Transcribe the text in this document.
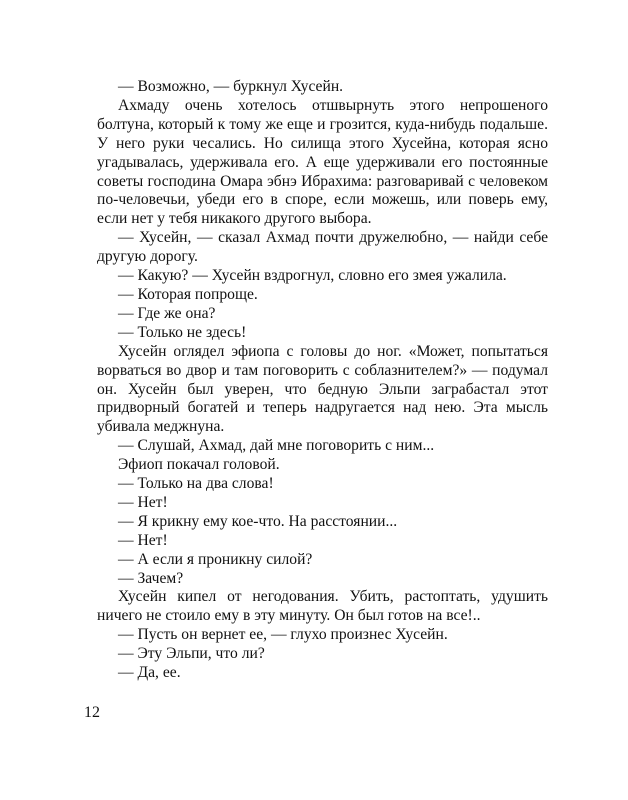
— Возможно, — буркнул Хусейн.

Ахмаду очень хотелось отшвырнуть этого непрошеного болтуна, который к тому же еще и грозится, куда-нибудь подальше. У него руки чесались. Но силища этого Хусейна, которая ясно угадывалась, удерживала его. А еще удерживали его постоянные советы господина Омара эбнэ Ибрахима: разговаривай с человеком по-человечьи, убеди его в споре, если можешь, или поверь ему, если нет у тебя никакого другого выбора.

— Хусейн, — сказал Ахмад почти дружелюбно, — найди себе другую дорогу.

— Какую? — Хусейн вздрогнул, словно его змея ужалила.

— Которая попроще.

— Где же она?

— Только не здесь!

Хусейн оглядел эфиопа с головы до ног. «Может, попытаться ворваться во двор и там поговорить с соблазнителем?» — подумал он. Хусейн был уверен, что бедную Эльпи заграбастал этот придворный богатей и теперь надругается над нею. Эта мысль убивала меджнуна.

— Слушай, Ахмад, дай мне поговорить с ним...

Эфиоп покачал головой.

— Только на два слова!

— Нет!

— Я крикну ему кое-что. На расстоянии...

— Нет!

— А если я проникну силой?

— Зачем?

Хусейн кипел от негодования. Убить, растоптать, удушить ничего не стоило ему в эту минуту. Он был готов на все!..

— Пусть он вернет ее, — глухо произнес Хусейн.

— Эту Эльпи, что ли?

— Да, ее.

12
